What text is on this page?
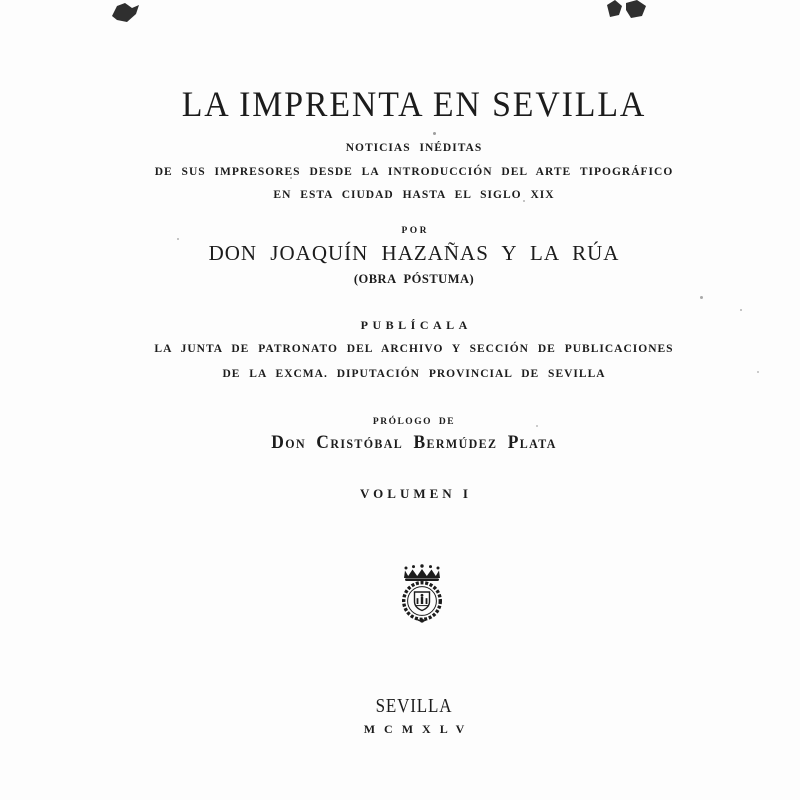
LA IMPRENTA EN SEVILLA
NOTICIAS INÉDITAS
DE SUS IMPRESORES DESDE LA INTRODUCCIÓN DEL ARTE TIPOGRÁFICO
EN ESTA CIUDAD HASTA EL SIGLO XIX
POR
DON JOAQUÍN HAZAÑAS Y LA RÚA
(OBRA PÓSTUMA)
PUBLÍCALA
LA JUNTA DE PATRONATO DEL ARCHIVO Y SECCIÓN DE PUBLICACIONES
DE LA EXCMA. DIPUTACIÓN PROVINCIAL DE SEVILLA
PRÓLOGO DE
Don Cristóbal Bermúdez Plata
VOLUMEN I
SEVILLA
MCMXLV
